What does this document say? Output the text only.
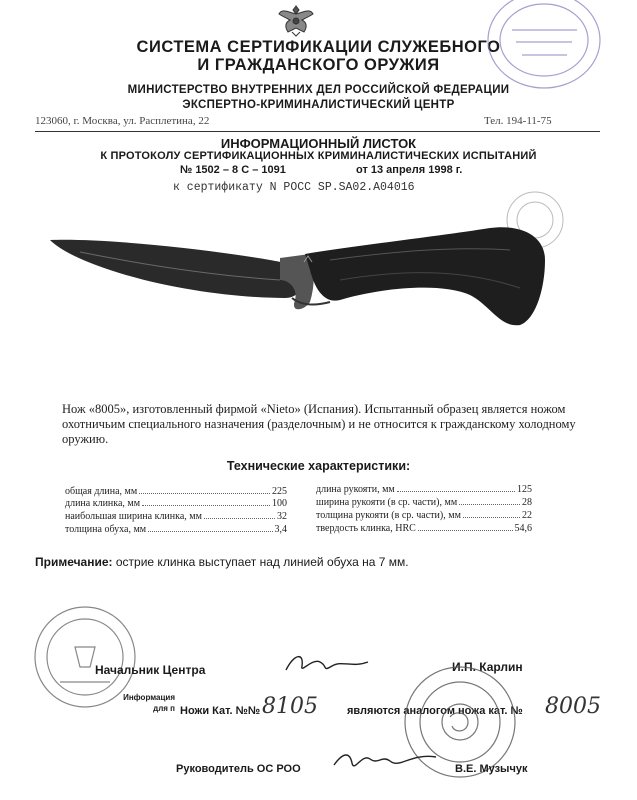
СИСТЕМА СЕРТИФИКАЦИИ СЛУЖЕБНОГО
И ГРАЖДАНСКОГО ОРУЖИЯ
МИНИСТЕРСТВО ВНУТРЕННИХ ДЕЛ РОССИЙСКОЙ ФЕДЕРАЦИИ
ЭКСПЕРТНО-КРИМИНАЛИСТИЧЕСКИЙ ЦЕНТР
123060, г. Москва, ул. Расплетина, 22	Тел. 194-11-75
ИНФОРМАЦИОННЫЙ ЛИСТОК
К ПРОТОКОЛУ СЕРТИФИКАЦИОННЫХ КРИМИНАЛИСТИЧЕСКИХ ИСПЫТАНИЙ
№ 1502 – 8 С – 1091	от 13 апреля 1998 г.
к сертификату N РОСС SP.SA02.A04016
Нож «8005», изготовленный фирмой «Nieto» (Испания). Испытанный образец является ножом охотничьим специального назначения (разделочным) и не относится к гражданскому холодному оружию.
Технические характеристики:
общая длина, мм	225
длина клинка, мм	100
наибольшая ширина клинка, мм	32
толщина обуха, мм	3,4
длина рукояти, мм	125
ширина рукояти (в ср. части), мм	28
толщина рукояти (в ср. части), мм	22
твердость клинка, HRC	54,6
Примечание: острие клинка выступает над линией обуха на 7 мм.
Начальник Центра	И.П. Карлин
Информация
для п Ножи Кат. №№ 8105	являются аналогом ножа кат. № 8005
Руководитель ОС РОО	В.Е. Музычук
